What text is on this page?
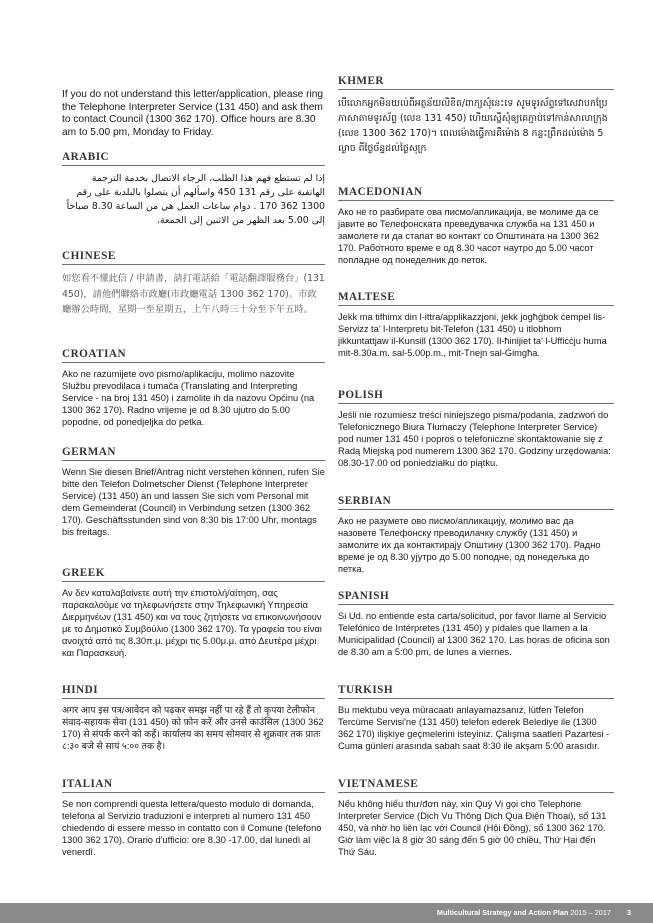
If you do not understand this letter/application, please ring the Telephone Interpreter Service (131 450) and ask them to contact Council (1300 362 170). Office hours are 8.30 am to 5.00 pm, Monday to Friday.
ARABIC
إذا لم تستطع فهم هذا الطلب، الرجاء الاتصال بخدمة الترجمة الهاتفية على رقم 131 450 واسألهم أن يتصلوا بالبلدية على رقم 1300 362 170 . دوام ساعات العمل هي من الساعة 8.30 صباحاً إلى 5.00 بعد الظهر من الاثنين إلى الجمعة.
CHINESE
如您看不懂此信 / 申請書，請打電話給「電話翻譯服務台」(131 450)，請他們聯絡市政廳(市政廳電話 1300 362 170)。市政廳辦公時間，星期一至星期五，上午八時三十分至下午五時。
CROATIAN
Ako ne razumijete ovo pismo/aplikaciju, molimo nazovite Službu prevodilaca i tumača (Translating and Interpreting Service - na broj 131 450) i zamolite ih da nazovu Općinu (na 1300 362 170). Radno vrijeme je od 8.30 ujutro do 5.00 popodne, od ponedjeljka do petka.
GERMAN
Wenn Sie diesen Brief/Antrag nicht verstehen können, rufen Sie bitte den Telefon Dolmetscher Dienst (Telephone Interpreter Service) (131 450) an und lassen Sie sich vom Personal mit dem Gemeinderat (Council) in Verbindung setzen (1300 362 170). Geschäftsstunden sind von 8:30 bis 17:00 Uhr, montags bis freitags.
GREEK
Αν δεν καταλαβαίνετε αυτή την επιστολή/αίτηση, σας παρακαλούμε να τηλεφωνήσετε στην Τηλεφωνική Υπηρεσία Διερμηνέων (131 450) και να τους ζητήσετε να επικοινωνήσουν με το Δημοτικό Συμβούλιο (1300 362 170). Τα γραφεία του είναι ανοιχτά από τις 8.30π.μ. μέχρι τις 5.00μ.μ. από Δευτέρα μέχρι και Παρασκευή.
HINDI
अगर आप इस पत्र/आवेदन को पढ़कर समझ नहीं पा रहे हैं तो कृपया टेलीफोन संवाद-सहायक सेवा (131 450) को फ़ोन करें और उनसे काउंसिल (1300 362 170) से संपर्क करने को कहें। कार्यालय का समय सोमवार से शुक्रवार तक प्रातः ८:३० बजे से सायं ५:०० तक है।
ITALIAN
Se non comprendi questa lettera/questo modulo di domanda, telefona al Servizio traduzioni e interpreti al numero 131 450 chiedendo di essere messo in contatto con il Comune (telefono 1300 362 170). Orario d'ufficio: ore 8.30 -17.00, dal lunedì al venerdì.
KHMER
បើលោកអ្នកមិនយល់ពីអត្ថន័យលិខិត/ពាក្យសុំនេះទេ សូមទូរស័ព្ទទៅសេវាបកប្រែភាសាតាមទូរស័ព្ទ (លេខ 131 450) ហើយស្នើសុំឲ្យគេភ្ជាប់ទៅកាន់សាលាក្រុង (លេខ 1300 362 170)។ ពេលម៉ោងធ្វើការគឺម៉ោង 8 កន្លះព្រឹកដល់ម៉ោង 5 ល្ងាច ពីថ្ងៃច័ន្ទដល់ថ្ងៃសុក្រ
MACEDONIAN
Ако не го разбирате ова писмо/апликација, ве молиме да се јавите во Телефонската преведувачка служба на 131 450 и замолете ги да стапат во контакт со Општината на 1300 362 170. Работното време е од 8.30 часот наутро до 5.00 часот попладне од понеделник до петок.
MALTESE
Jekk ma tifhimx din l-ittra/applikazzjoni, jekk jogħġbok ċempel lis-Servizz ta' l-Interpretu bit-Telefon (131 450) u itlobhom jikkuntattjaw il-Kunsill (1300 362 170). Il-ħinijiet ta' l-Uffiċċju huma mit-8.30a.m. sal-5.00p.m., mit-Tnejn sal-Ġimgħa.
POLISH
Jeśli nie rozumiesz treści niniejszego pisma/podania, zadzwoń do Telefonicznego Biura Tłumaczy (Telephone Interpreter Service) pod numer 131 450 i poproś o telefoniczne skontaktowanie się z Radą Miejską pod numerem 1300 362 170. Godziny urzędowania: 08.30-17.00 od poniedziałku do piątku.
SERBIAN
Ако не разумете ово писмо/апликацију, молимо вас да назовете Телефонску преводилачку службу (131 450) и замолите их да контактирају Општину (1300 362 170). Радно време је од 8.30 ујутро до 5.00 поподне, од понедељка до петка.
SPANISH
Si Ud. no entiende esta carta/solicitud, por favor llame al Servicio Telefónico de Intérpretes (131 450) y pídales que llamen a la Municipalidad (Council) al 1300 362 170. Las horas de oficina son de 8.30 am a 5:00 pm, de lunes a viernes.
TURKISH
Bu mektubu veya müracaatı anlayamazsanız, lütfen Telefon Tercüme Servisi'ne (131 450) telefon ederek Belediye ile (1300 362 170) ilişkiye geçmelerini isteyiniz. Çalışma saatleri Pazartesi - Cuma günleri arasında sabah saat 8:30 ile akşam 5:00 arasıdır.
VIETNAMESE
Nếu không hiểu thư/đơn này, xin Quý Vị gọi cho Telephone Interpreter Service (Dịch Vụ Thông Dịch Qua Điện Thoại), số 131 450, và nhờ họ liên lạc với Council (Hội Đồng), số 1300 362 170. Giờ làm việc là 8 giờ 30 sáng đến 5 giờ 00 chiều, Thứ Hai đến Thứ Sáu.
Multicultural Strategy and Action Plan 2015 – 2017 3
